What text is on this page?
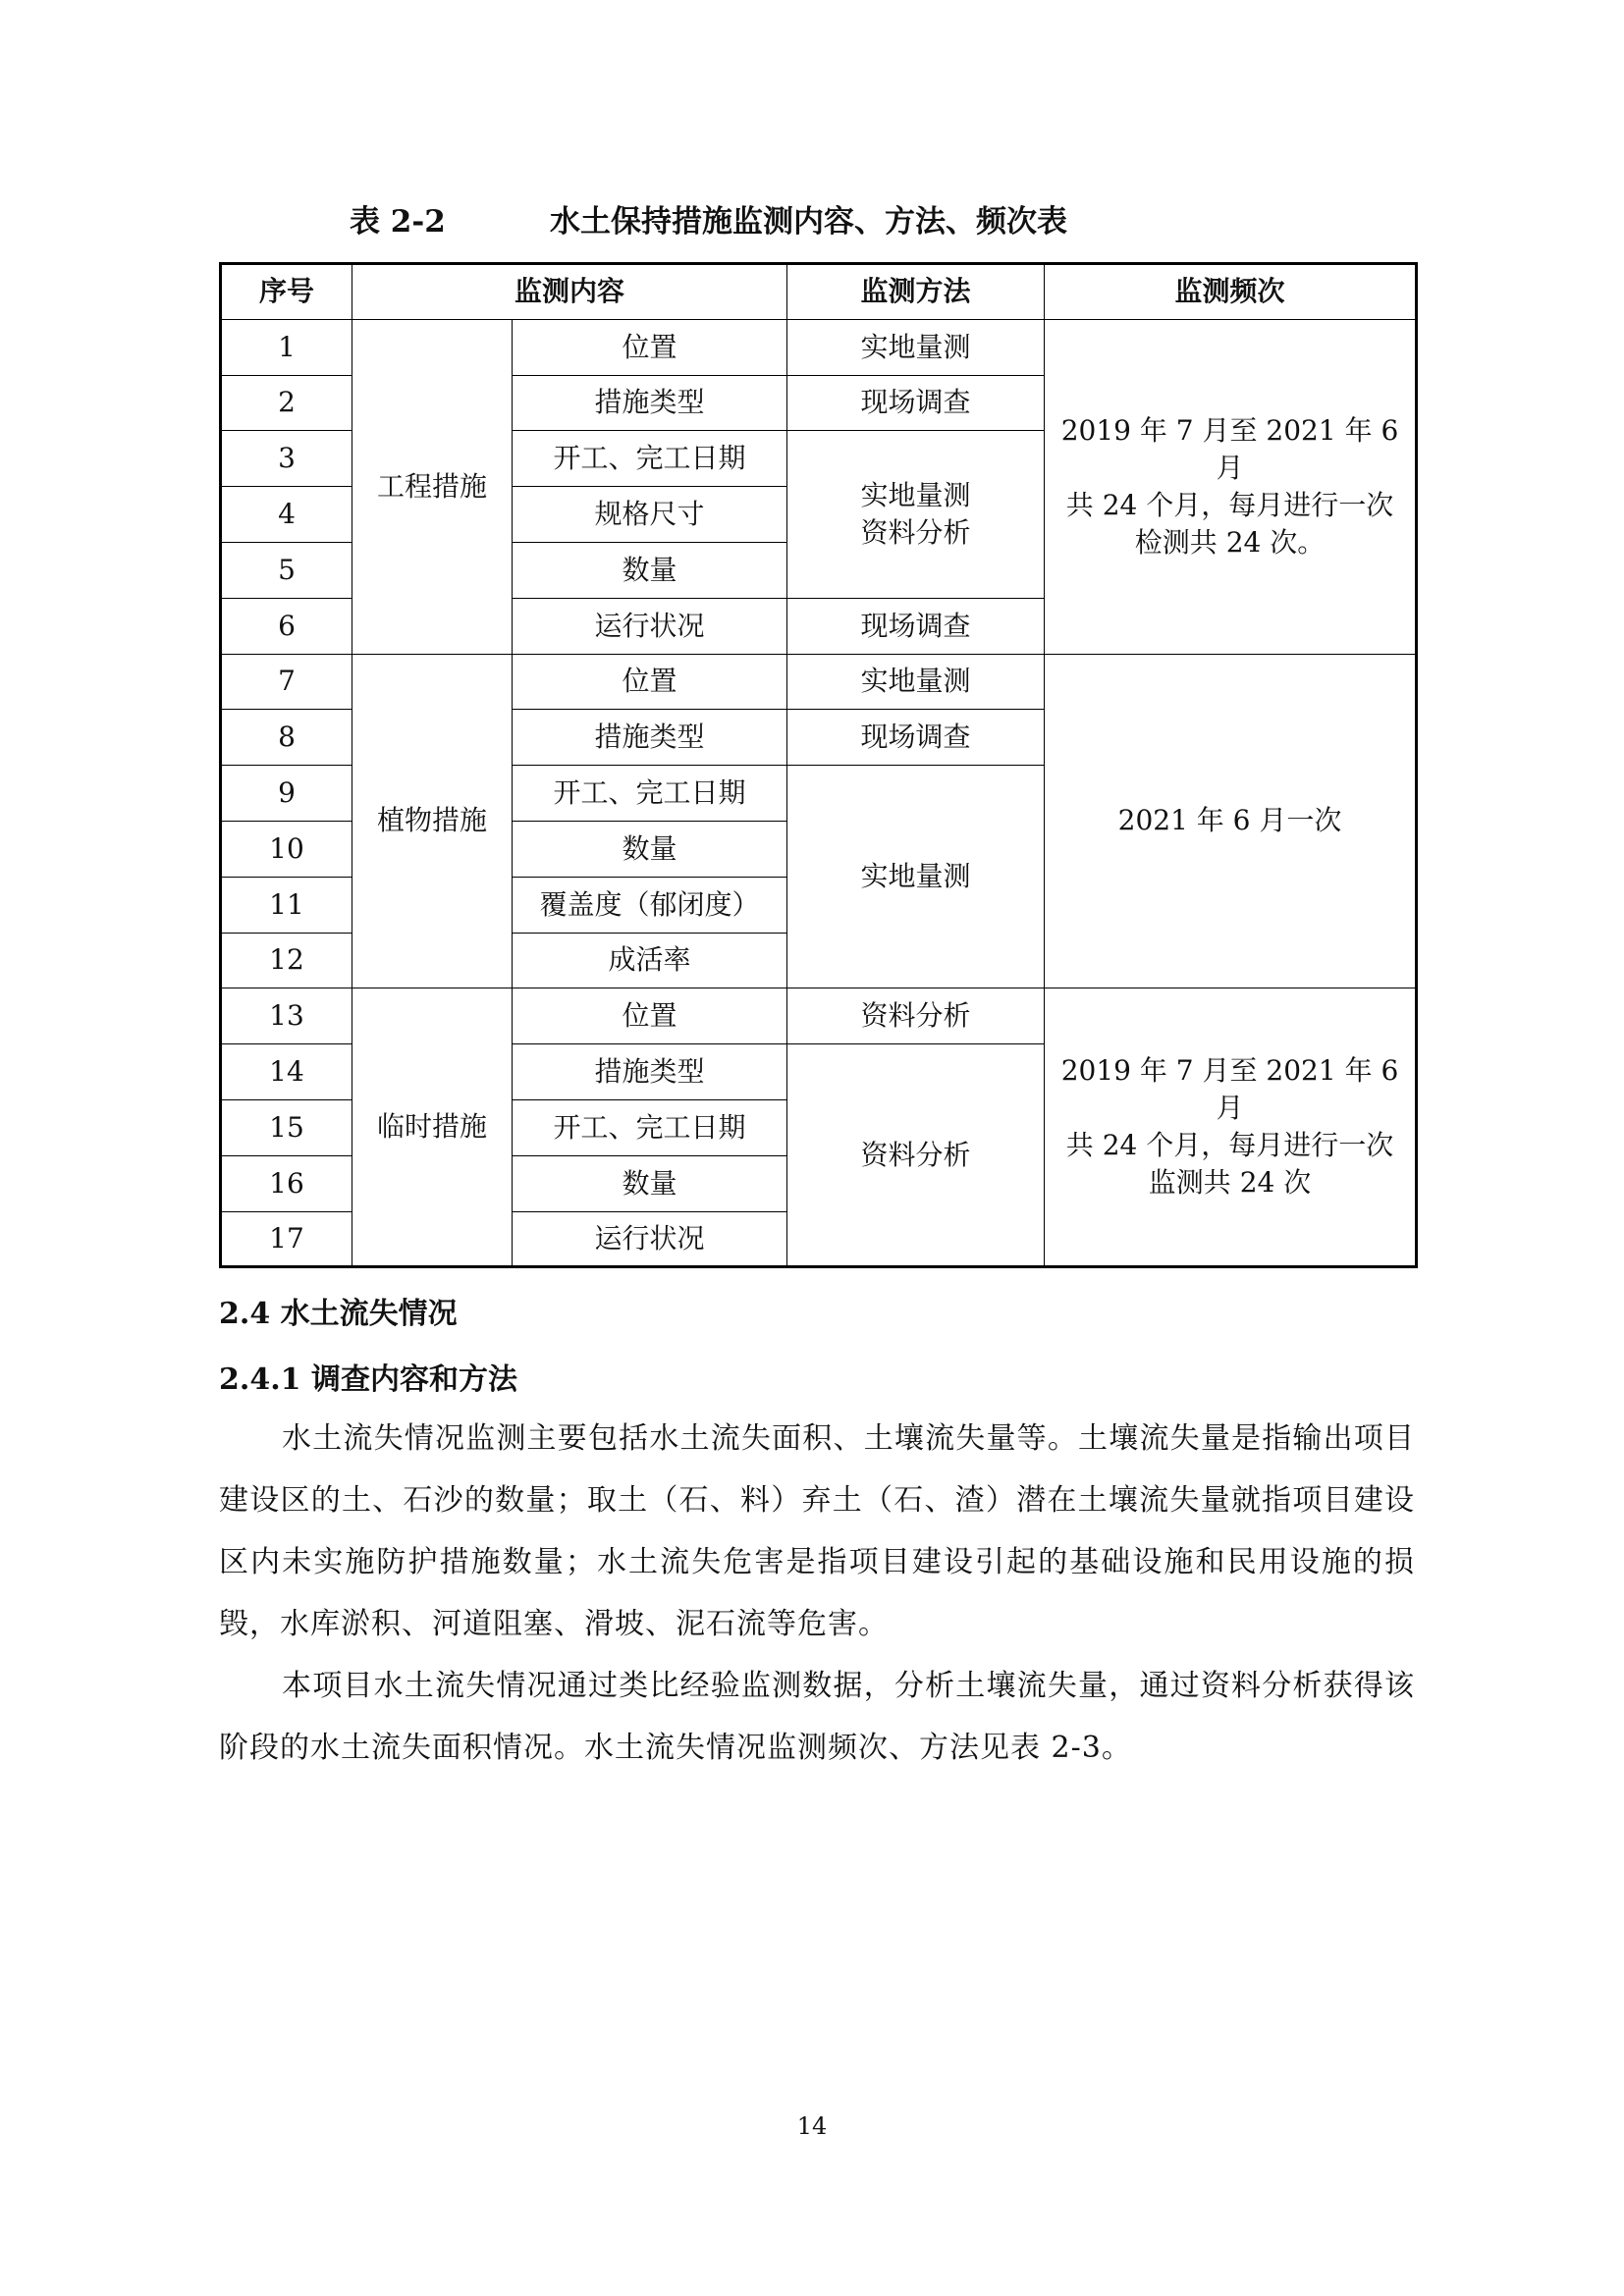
表 2-2	水土保持措施监测内容、方法、频次表
序号	监测内容		监测方法	监测频次
1	工程措施	位置	实地量测	2019 年 7 月至 2021 年 6 月
共 24 个月，每月进行一次
检测共 24 次。
2		措施类型	现场调查	
3		开工、完工日期	实地量测
资料分析	
4		规格尺寸		
5		数量		
6		运行状况	现场调查	
7	植物措施	位置	实地量测	2021 年 6 月一次
8		措施类型	现场调查	
9		开工、完工日期	实地量测	
10		数量		
11		覆盖度（郁闭度）		
12		成活率		
13	临时措施	位置	资料分析	2019 年 7 月至 2021 年 6 月
共 24 个月，每月进行一次
监测共 24 次
14		措施类型	资料分析	
15		开工、完工日期		
16		数量		
17		运行状况		
2.4 水土流失情况
2.4.1 调查内容和方法

水土流失情况监测主要包括水土流失面积、土壤流失量等。土壤流失量是指输出项目建设区的土、石沙的数量；取土（石、料）弃土（石、渣）潜在土壤流失量就指项目建设区内未实施防护措施数量；水土流失危害是指项目建设引起的基础设施和民用设施的损毁，水库淤积、河道阻塞、滑坡、泥石流等危害。

本项目水土流失情况通过类比经验监测数据，分析土壤流失量，通过资料分析获得该阶段的水土流失面积情况。水土流失情况监测频次、方法见表 2-3。

14
